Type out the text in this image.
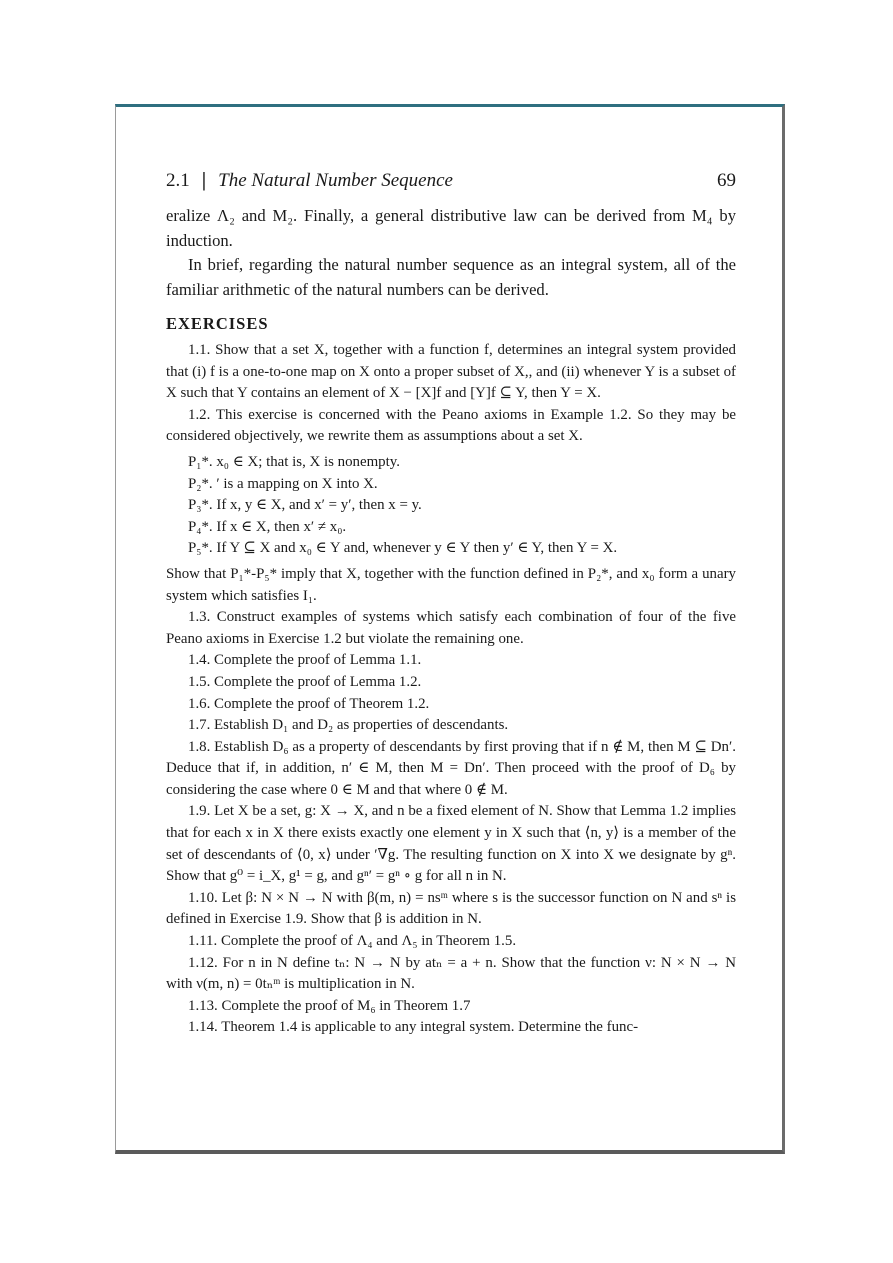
2.1 | The Natural Number Sequence	69

eralize Λ₂ and M₂. Finally, a general distributive law can be derived from M₄ by induction.

In brief, regarding the natural number sequence as an integral system, all of the familiar arithmetic of the natural numbers can be derived.

EXERCISES

1.1. Show that a set X, together with a function f, determines an integral system provided that (i) f is a one-to-one map on X onto a proper subset of X,, and (ii) whenever Y is a subset of X such that Y contains an element of X − [X]f and [Y]f ⊆ Y, then Y = X.

1.2. This exercise is concerned with the Peano axioms in Example 1.2. So they may be considered objectively, we rewrite them as assumptions about a set X.

P₁*. x₀ ∈ X; that is, X is nonempty.
P₂*. ′ is a mapping on X into X.
P₃*. If x, y ∈ X, and x′ = y′, then x = y.
P₄*. If x ∈ X, then x′ ≠ x₀.
P₅*. If Y ⊆ X and x₀ ∈ Y and, whenever y ∈ Y then y′ ∈ Y, then Y = X.

Show that P₁*-P₅* imply that X, together with the function defined in P₂*, and x₀ form a unary system which satisfies I₁.

1.3. Construct examples of systems which satisfy each combination of four of the five Peano axioms in Exercise 1.2 but violate the remaining one.

1.4. Complete the proof of Lemma 1.1.

1.5. Complete the proof of Lemma 1.2.

1.6. Complete the proof of Theorem 1.2.

1.7. Establish D₁ and D₂ as properties of descendants.

1.8. Establish D₆ as a property of descendants by first proving that if n ∉ M, then M ⊆ Dn′. Deduce that if, in addition, n′ ∈ M, then M = Dn′. Then proceed with the proof of D₆ by considering the case where 0 ∈ M and that where 0 ∉ M.

1.9. Let X be a set, g: X → X, and n be a fixed element of N. Show that Lemma 1.2 implies that for each x in X there exists exactly one element y in X such that ⟨n, y⟩ is a member of the set of descendants of ⟨0, x⟩ under ′∇g. The resulting function on X into X we designate by gⁿ. Show that g⁰ = i_X, g¹ = g, and gⁿ′ = gⁿ ∘ g for all n in N.

1.10. Let β: N × N → N with β(m, n) = nsᵐ where s is the successor function on N and sⁿ is defined in Exercise 1.9. Show that β is addition in N.

1.11. Complete the proof of Λ₄ and Λ₅ in Theorem 1.5.

1.12. For n in N define tₙ: N → N by atₙ = a + n. Show that the function ν: N × N → N with ν(m, n) = 0tₙᵐ is multiplication in N.

1.13. Complete the proof of M₆ in Theorem 1.7

1.14. Theorem 1.4 is applicable to any integral system. Determine the func-
